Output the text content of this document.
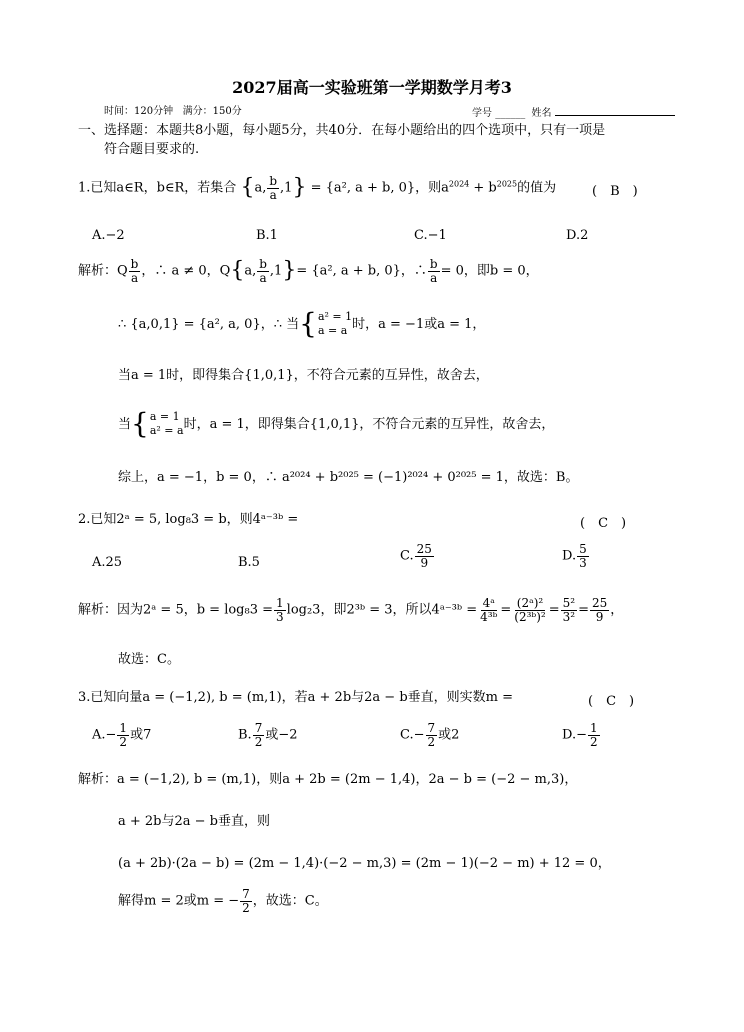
2027届高一实验班第一学期数学月考3
时间：120分钟 满分：150分	学号 ______ 姓名
一、选择题：本题共8小题，每小题5分，共40分．在每小题给出的四个选项中，只有一项是
符合题目要求的.
1.已知a∈R，b∈R，若集合 {a, $\frac{b}{a} ,1\} = \{a^2$, a + b, 0}，则$a^{2024} + b^{2025}$的值为	(　B　)
A.−2	B.1	C.−1	D.2
解析：Q $\frac{b}{a}$ ，∴ a ≠ 0，Q{a, $\frac{b}{a} ,1\}= \{a^2$, a + b, 0}，∴ $\frac{b}{a} = 0$，即b = 0，
∴ {a,0,1} = {a², a, 0}，∴ 当 { a² = 1
a = a 时，a = −1或a = 1，
当a = 1时，即得集合{1,0,1}，不符合元素的互异性，故舍去，
当 { a = 1
a² = a 时，a = 1，即得集合{1,0,1}，不符合元素的互异性，故舍去，
综上，a = −1，b = 0，∴ a²⁰²⁴ + b²⁰²⁵ = (−1)²⁰²⁴ + 0²⁰²⁵ = 1，故选：B。
2.已知2ᵃ = 5, log₈3 = b，则4ᵃ⁻³ᵇ =	(　C　)
A.25	B.5	C. $\frac{25}{9}$	D. $\frac{5}{3}$
解析：因为2ᵃ = 5，$b = \log_83 = \frac{1}{3} \log_23$，即2³ᵇ = 3，所以4ᵃ⁻³ᵇ = $\frac{\text{4ᵃ}}{\text{4³ᵇ}} = \frac{\text{(2ᵃ)²}}{\text{(2³ᵇ)²}} = \frac{\text{5²}}{\text{3²}} = \frac{25}{9}$ ，
故选：C。
3.已知向量a = (−1,2), b = (m,1)，若a + 2b与2a − b垂直，则实数m =	(　C　)
$A.- \frac{1}{2}$ 或7	B. $\frac{7}{2}$ 或−2	$C.- \frac{7}{2}$ 或2	$D.- \frac{1}{2}$
解析：a = (−1,2), b = (m,1)，则a + 2b = (2m − 1,4)，2a − b = (−2 − m,3)，
a + 2b与2a − b垂直，则
(a + 2b)·(2a − b) = (2m − 1,4)·(−2 − m,3) = (2m − 1)(−2 − m) + 12 = 0，
解得m = 2或m = − $\frac{7}{2}$ ，故选：C。
